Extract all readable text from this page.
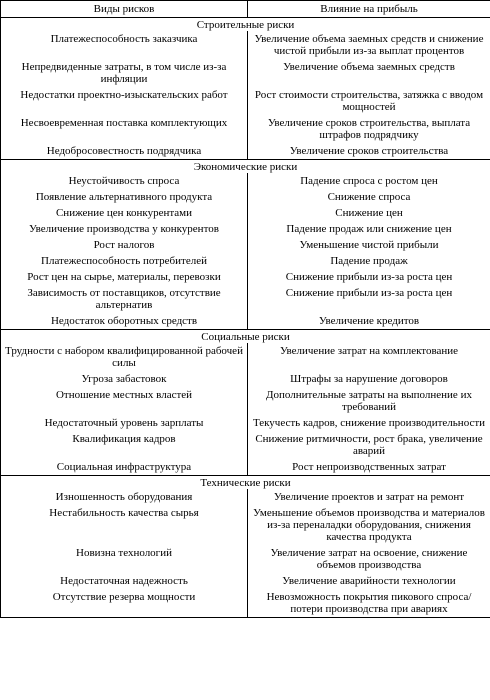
Виды рисков	Влияние на прибыль
Строительные риски	
Платежеспособность заказчика	Увеличение объема заемных средств и снижение чистой прибыли из-за выплат процентов
Непредвиденные затраты, в том числе из-за инфляции	Увеличение объема заемных средств
Недостатки проектно-изыскательских работ	Рост стоимости строительства, затяжка с вводом мощностей
Несвоевременная поставка комплектующих	Увеличение сроков строительства, выплата штрафов подрядчику
Недобросовестность подрядчика	Увеличение сроков строительства
Экономические риски	
Неустойчивость спроса	Падение спроса с ростом цен
Появление альтернативного продукта	Снижение спроса
Снижение цен конкурентами	Снижение цен
Увеличение производства у конкурентов	Падение продаж или снижение цен
Рост налогов	Уменьшение чистой прибыли
Платежеспособность потребителей	Падение продаж
Рост цен на сырье, материалы, перевозки	Снижение прибыли из-за роста цен
Зависимость от поставщиков, отсутствие альтернатив	Снижение прибыли из-за роста цен
Недостаток оборотных средств	Увеличение кредитов
Социальные риски	
Трудности с набором квалифицированной рабочей силы	Увеличение затрат на комплектование
Угроза забастовок	Штрафы за нарушение договоров
Отношение местных властей	Дополнительные затраты на выполнение их требований
Недостаточный уровень зарплаты	Текучесть кадров, снижение производительности
Квалификация кадров	Снижение ритмичности, рост брака, увеличение аварий
Социальная инфраструктура	Рост непроизводственных затрат
Технические риски	
Изношенность оборудования	Увеличение проектов и затрат на ремонт
Нестабильность качества сырья	Уменьшение объемов производства и материалов из-за переналадки оборудования, снижения качества продукта
Новизна технологий	Увеличение затрат на освоение, снижение объемов производства
Недостаточная надежность	Увеличение аварийности технологии
Отсутствие резерва мощности	Невозможность покрытия пикового спроса/ потери производства при авариях
